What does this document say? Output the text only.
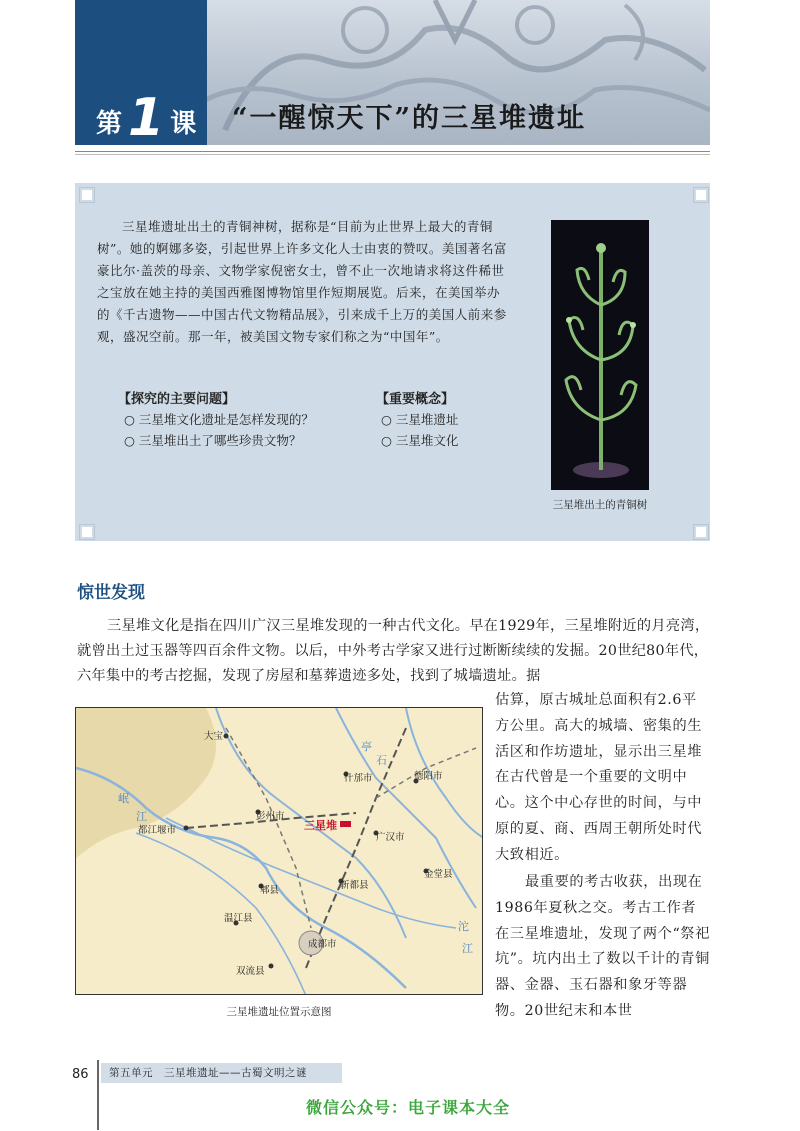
第 1 课 “一醒惊天下”的三星堆遗址

三星堆遗址出土的青铜神树，据称是“目前为止世界上最大的青铜树”。她的婀娜多姿，引起世界上许多文化人士由衷的赞叹。美国著名富豪比尔·盖茨的母亲、文物学家倪密女士，曾不止一次地请求将这件稀世之宝放在她主持的美国西雅图博物馆里作短期展览。后来，在美国举办的《千古遗物——中国古代文物精品展》，引来成千上万的美国人前来参观，盛况空前。那一年，被美国文物专家们称之为“中国年”。

【探究的主要问题】
○ 三星堆文化遗址是怎样发现的？
○ 三星堆出土了哪些珍贵文物？
【重要概念】
○ 三星堆遗址
○ 三星堆文化
三星堆出土的青铜树
惊世发现

三星堆文化是指在四川广汉三星堆发现的一种古代文化。早在1929年，三星堆附近的月亮湾，就曾出土过玉器等四百余件文物。以后，中外考古学家又进行过断断续续的发掘。20世纪80年代，六年集中的考古挖掘，发现了房屋和墓葬遗迹多处，找到了城墙遗址。据

估算，原古城址总面积有2.6平方公里。高大的城墙、密集的生活区和作坊遗址，显示出三星堆在古代曾是一个重要的文明中心。这个中心存世的时间，与中原的夏、商、西周王朝所处时代大致相近。

最重要的考古收获，出现在1986年夏秋之交。考古工作者在三星堆遗址，发现了两个“祭祀坑”。坑内出土了数以千计的青铜器、金器、玉石器和象牙等器物。20世纪末和本世

大宝
什邡市	德阳市
彭州市
三星堆
广汉市
都江堰市
郫县	新都县
金堂县
温江县
成都市
双流县
岷
江
石
亭
沱
江
三星堆遗址位置示意图
86	第五单元　三星堆遗址——古蜀文明之谜
微信公众号：电子课本大全
